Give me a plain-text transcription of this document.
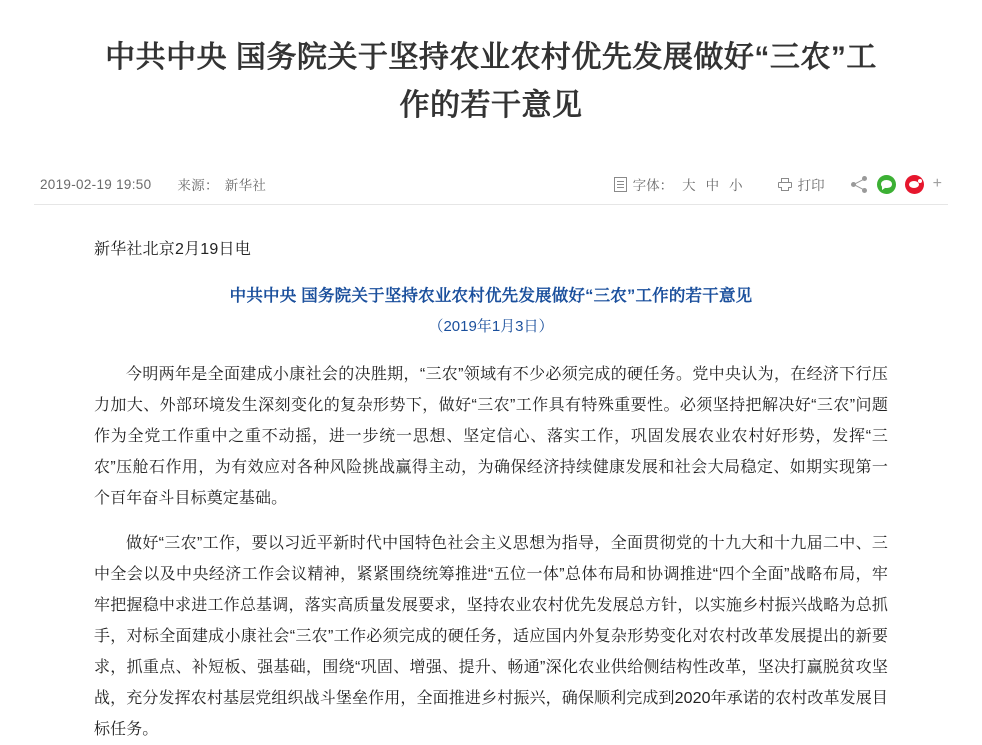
中共中央 国务院关于坚持农业农村优先发展做好“三农”工作的若干意见
2019-02-19 19:50 来源： 新华社	字体： 大 中 小	打印	+

新华社北京2月19日电

中共中央 国务院关于坚持农业农村优先发展做好“三农”工作的若干意见

（2019年1月3日）

今明两年是全面建成小康社会的决胜期，“三农”领域有不少必须完成的硬任务。党中央认为，在经济下行压力加大、外部环境发生深刻变化的复杂形势下，做好“三农”工作具有特殊重要性。必须坚持把解决好“三农”问题作为全党工作重中之重不动摇，进一步统一思想、坚定信心、落实工作，巩固发展农业农村好形势，发挥“三农”压舱石作用，为有效应对各种风险挑战赢得主动，为确保经济持续健康发展和社会大局稳定、如期实现第一个百年奋斗目标奠定基础。

做好“三农”工作，要以习近平新时代中国特色社会主义思想为指导，全面贯彻党的十九大和十九届二中、三中全会以及中央经济工作会议精神，紧紧围绕统筹推进“五位一体”总体布局和协调推进“四个全面”战略布局，牢牢把握稳中求进工作总基调，落实高质量发展要求，坚持农业农村优先发展总方针，以实施乡村振兴战略为总抓手，对标全面建成小康社会“三农”工作必须完成的硬任务，适应国内外复杂形势变化对农村改革发展提出的新要求，抓重点、补短板、强基础，围绕“巩固、增强、提升、畅通”深化农业供给侧结构性改革，坚决打赢脱贫攻坚战，充分发挥农村基层党组织战斗堡垒作用，全面推进乡村振兴，确保顺利完成到2020年承诺的农村改革发展目标任务。
